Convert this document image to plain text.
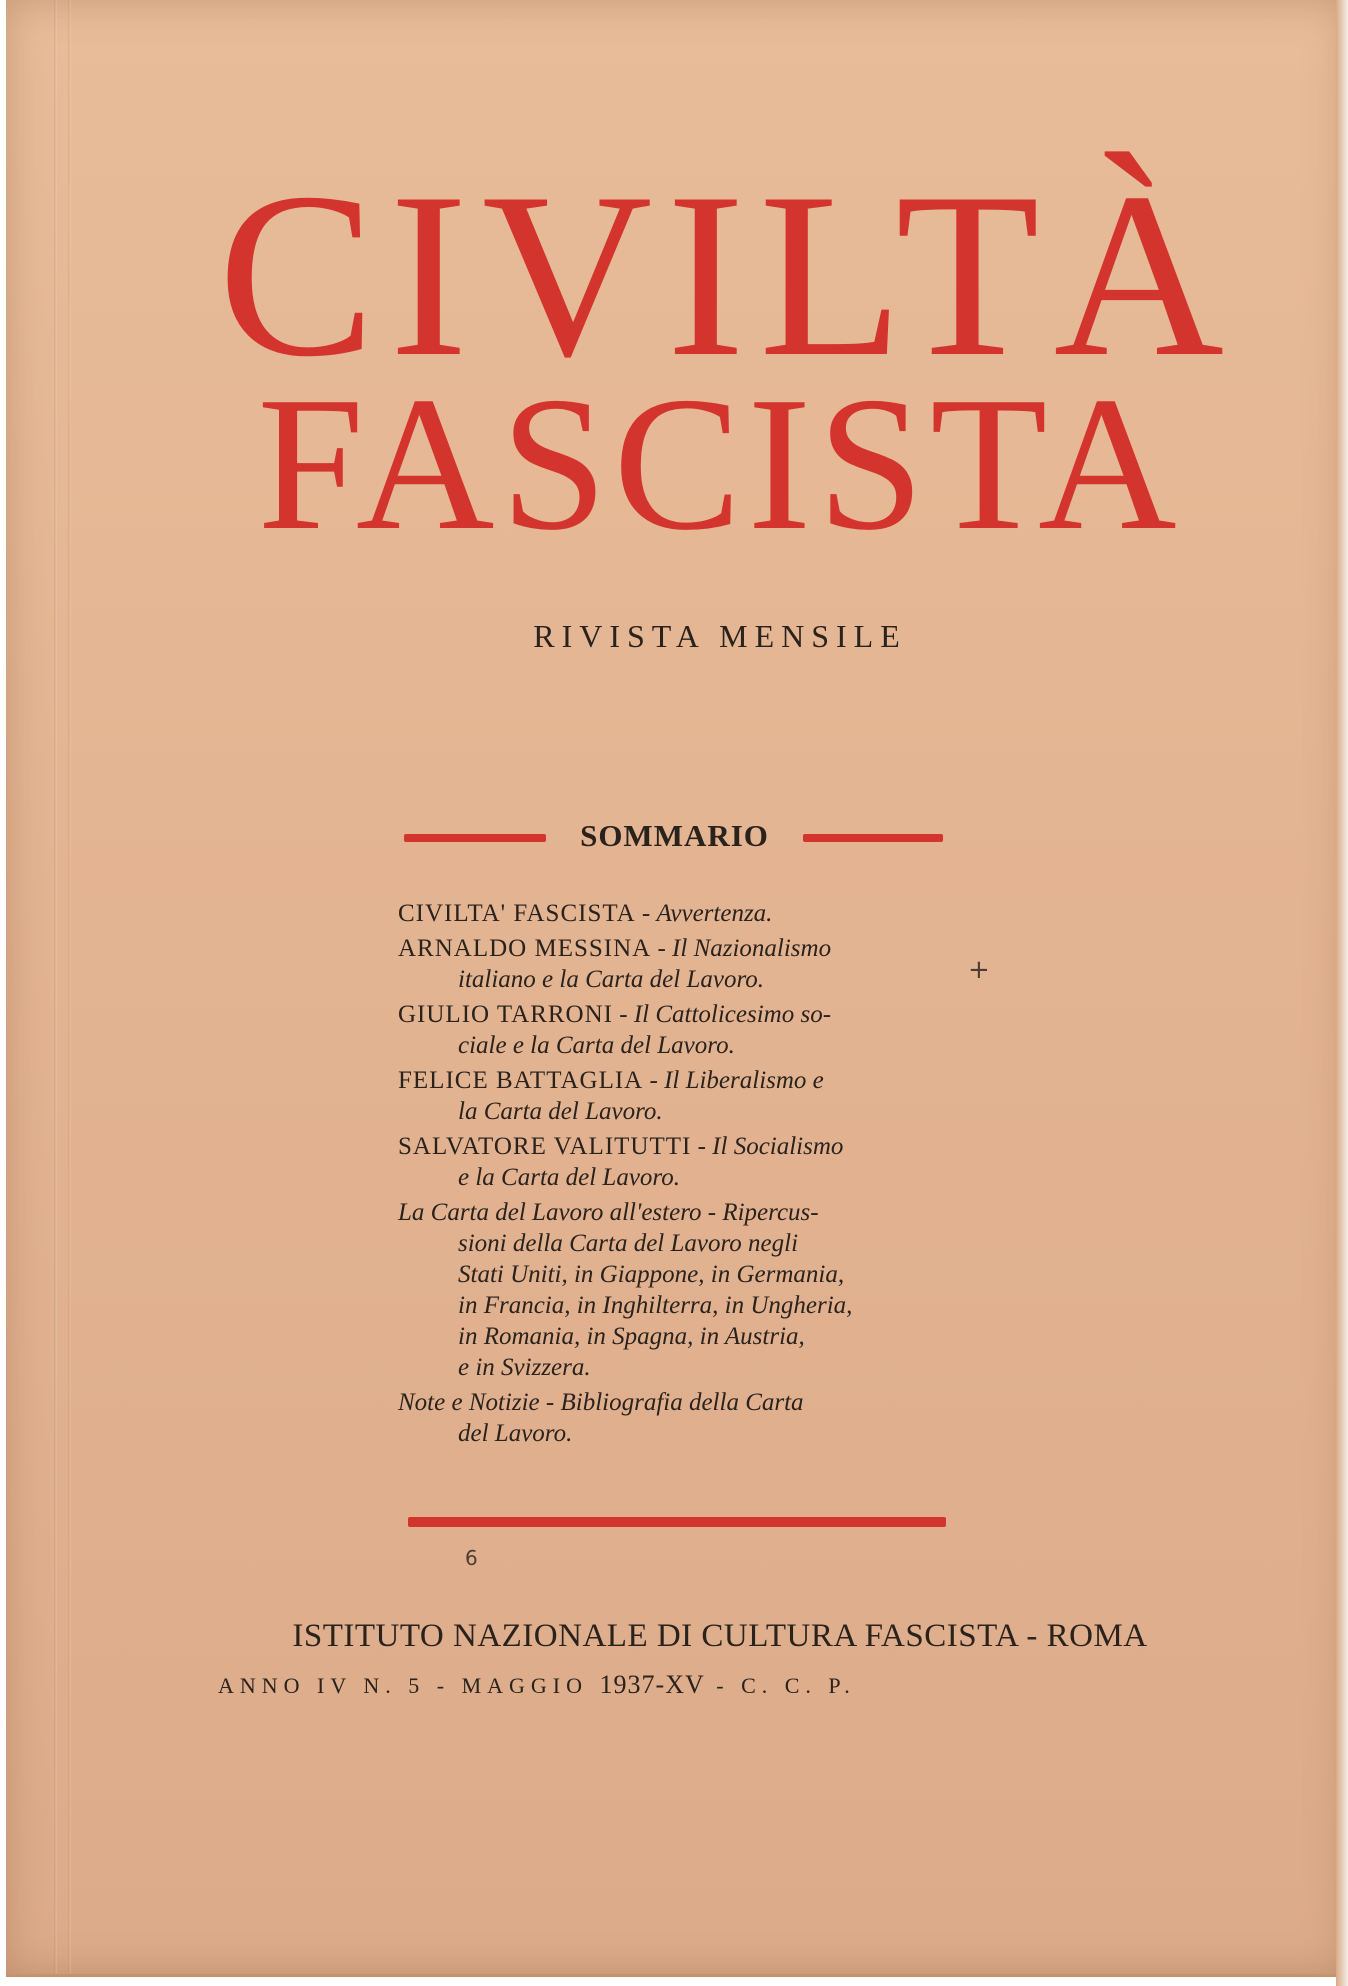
CIVILTÀ
FASCISTA
RIVISTA MENSILE
SOMMARIO

CIVILTA' FASCISTA - Avvertenza.

ARNALDO MESSINA - Il Nazionalismo
italiano e la Carta del Lavoro.

GIULIO TARRONI - Il Cattolicesimo so-
ciale e la Carta del Lavoro.

FELICE BATTAGLIA - Il Liberalismo e
la Carta del Lavoro.

SALVATORE VALITUTTI - Il Socialismo
e la Carta del Lavoro.

La Carta del Lavoro all'estero - Ripercus-
sioni della Carta del Lavoro negli
Stati Uniti, in Giappone, in Germania,
in Francia, in Inghilterra, in Ungheria,
in Romania, in Spagna, in Austria,
e in Svizzera.

Note e Notizie - Bibliografia della Carta
del Lavoro.

+
6
ISTITUTO NAZIONALE DI CULTURA FASCISTA - ROMA
ANNO IV N. 5 - MAGGIO 1937-XV - C. C. P.
